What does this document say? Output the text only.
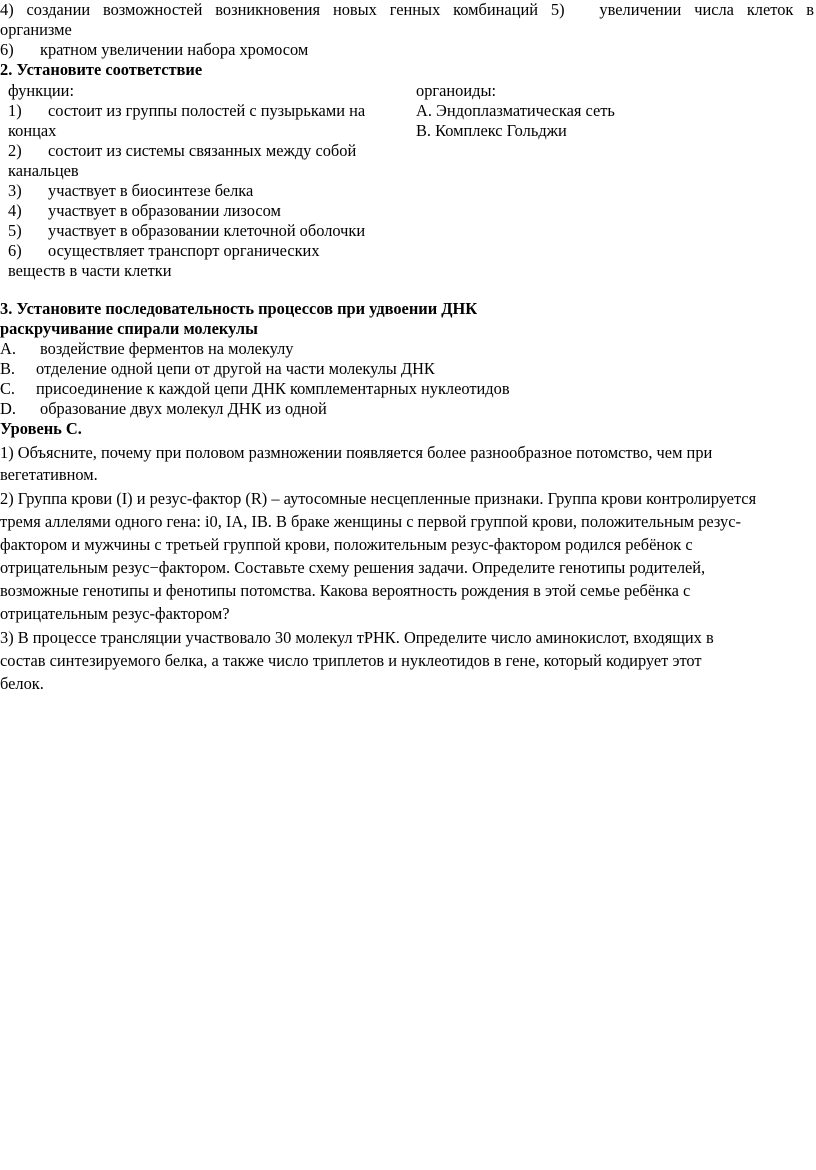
4) создании возможностей возникновения новых генных комбинаций 5) увеличении числа клеток в
организме
6) кратном увеличении набора хромосом
2. Установите соответствие
функции:	органоиды:
1) состоит из группы полостей с пузырьками на	А. Эндоплазматическая сеть
концах	В. Комплекс Гольджи
2) состоит из системы связанных между собой
канальцев
3) участвует в биосинтезе белка
4) участвует в образовании лизосом
5) участвует в образовании клеточной оболочки
6) осуществляет транспорт органических
веществ в части клетки
3. Установите последовательность процессов при удвоении ДНК
раскручивание спирали молекулы
A. воздействие ферментов на молекулу
B. отделение одной цепи от другой на части молекулы ДНК
C. присоединение к каждой цепи ДНК комплементарных нуклеотидов
D. образование двух молекул ДНК из одной
Уровень С.
1) Объясните, почему при половом размножении появляется более разнообразное потомство, чем при
вегетативном.
2) Группа крови (I) и резус-фактор (R) – аутосомные несцепленные признаки. Группа крови контролируется
тремя аллелями одного гена: i0, IA, IB. В браке женщины с первой группой крови, положительным резус-
фактором и мужчины с третьей группой крови, положительным резус-фактором родился ребёнок с
отрицательным резус−фактором. Составьте схему решения задачи. Определите генотипы родителей,
возможные генотипы и фенотипы потомства. Какова вероятность рождения в этой семье ребёнка с
отрицательным резус-фактором?
3) В процессе трансляции участвовало 30 молекул тРНК. Определите число аминокислот, входящих в
состав синтезируемого белка, а также число триплетов и нуклеотидов в гене, который кодирует этот
белок.
